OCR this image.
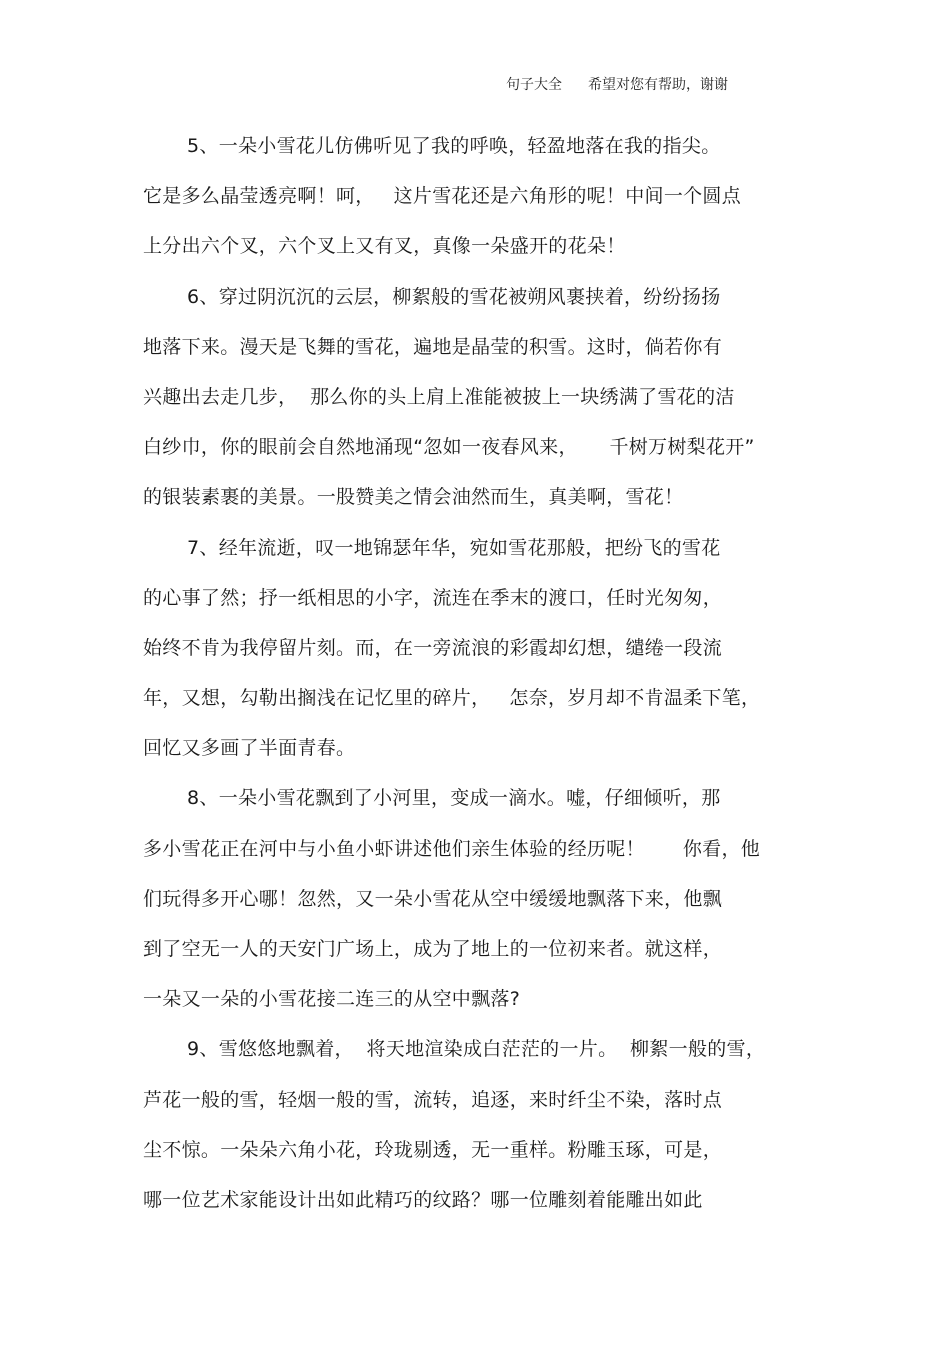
句子大全 希望对您有帮助，谢谢
5、一朵小雪花儿仿佛听见了我的呼唤，轻盈地落在我的指尖。
它是多么晶莹透亮啊！呵，   这片雪花还是六角形的呢！中间一个圆点
上分出六个叉，六个叉上又有叉，真像一朵盛开的花朵！
6、穿过阴沉沉的云层，柳絮般的雪花被朔风裹挟着，纷纷扬扬
地落下来。漫天是飞舞的雪花，遍地是晶莹的积雪。这时，倘若你有
兴趣出去走几步，  那么你的头上肩上准能被披上一块绣满了雪花的洁
白纱巾，你的眼前会自然地涌现“忽如一夜春风来，     千树万树梨花开”
的银装素裹的美景。一股赞美之情会油然而生，真美啊，雪花！
7、经年流逝，叹一地锦瑟年华，宛如雪花那般，把纷飞的雪花
的心事了然；抒一纸相思的小字，流连在季末的渡口，任时光匆匆，
始终不肯为我停留片刻。而，在一旁流浪的彩霞却幻想，缱绻一段流
年，又想，勾勒出搁浅在记忆里的碎片，   怎奈，岁月却不肯温柔下笔，
回忆又多画了半面青春。
8、一朵小雪花飘到了小河里，变成一滴水。嘘，仔细倾听，那
多小雪花正在河中与小鱼小虾讲述他们亲生体验的经历呢！      你看，他
们玩得多开心哪！忽然，又一朵小雪花从空中缓缓地飘落下来，他飘
到了空无一人的天安门广场上，成为了地上的一位初来者。就这样，
一朵又一朵的小雪花接二连三的从空中飘落?
9、雪悠悠地飘着，  将天地渲染成白茫茫的一片。  柳絮一般的雪，
芦花一般的雪，轻烟一般的雪，流转，追逐，来时纤尘不染，落时点
尘不惊。一朵朵六角小花，玲珑剔透，无一重样。粉雕玉琢，可是，
哪一位艺术家能设计出如此精巧的纹路？哪一位雕刻着能雕出如此
